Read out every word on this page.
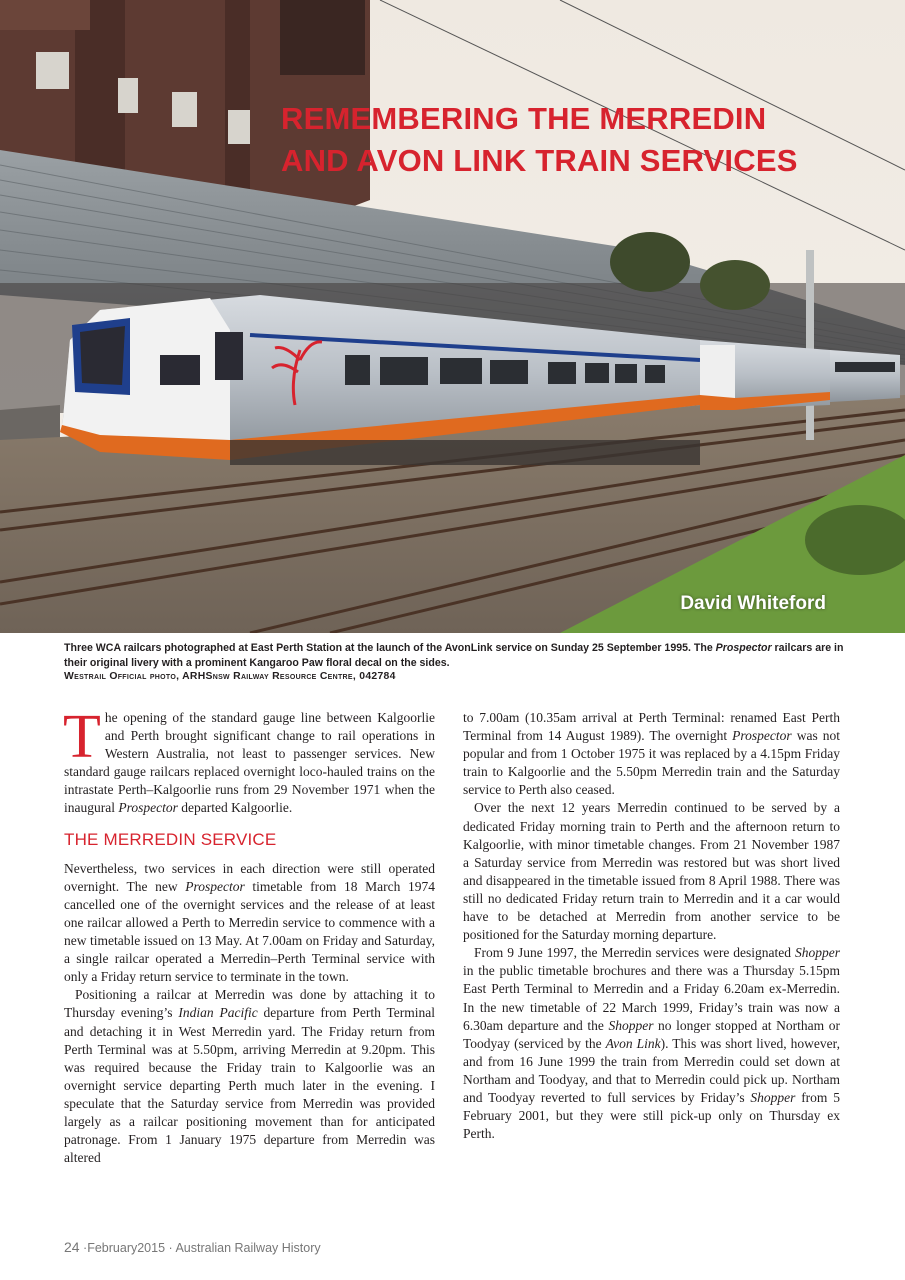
REMEMBERING THE MERREDIN
AND AVON LINK TRAIN SERVICES

David Whiteford

Three WCA railcars photographed at East Perth Station at the launch of the AvonLink service on Sunday 25 September 1995. The Prospector railcars are in their original livery with a prominent Kangaroo Paw floral decal on the sides.

Westrail Official photo, ARHSnsw Railway Resource Centre, 042784

The opening of the standard gauge line between Kalgoorlie and Perth brought significant change to rail operations in Western Australia, not least to passenger services. New standard gauge railcars replaced overnight loco-hauled trains on the intrastate Perth–Kalgoorlie runs from 29 November 1971 when the inaugural Prospector departed Kalgoorlie.

THE MERREDIN SERVICE

Nevertheless, two services in each direction were still operated overnight. The new Prospector timetable from 18 March 1974 cancelled one of the overnight services and the release of at least one railcar allowed a Perth to Merredin service to commence with a new timetable issued on 13 May. At 7.00am on Friday and Saturday, a single railcar operated a Merredin–Perth Terminal service with only a Friday return service to terminate in the town.

Positioning a railcar at Merredin was done by attaching it to Thursday evening’s Indian Pacific departure from Perth Terminal and detaching it in West Merredin yard. The Friday return from Perth Terminal was at 5.50pm, arriving Merredin at 9.20pm. This was required because the Friday train to Kalgoorlie was an overnight service departing Perth much later in the evening. I speculate that the Saturday service from Merredin was provided largely as a railcar positioning movement than for anticipated patronage. From 1 January 1975 departure from Merredin was altered

to 7.00am (10.35am arrival at Perth Terminal: renamed East Perth Terminal from 14 August 1989). The overnight Prospector was not popular and from 1 October 1975 it was replaced by a 4.15pm Friday train to Kalgoorlie and the 5.50pm Merredin train and the Saturday service to Perth also ceased.

Over the next 12 years Merredin continued to be served by a dedicated Friday morning train to Perth and the afternoon return to Kalgoorlie, with minor timetable changes. From 21 November 1987 a Saturday service from Merredin was restored but was short lived and disappeared in the timetable issued from 8 April 1988. There was still no dedicated Friday return train to Merredin and it a car would have to be detached at Merredin from another service to be positioned for the Saturday morning departure.

From 9 June 1997, the Merredin services were designated Shopper in the public timetable brochures and there was a Thursday 5.15pm East Perth Terminal to Merredin and a Friday 6.20am ex-Merredin. In the new timetable of 22 March 1999, Friday’s train was now a 6.30am departure and the Shopper no longer stopped at Northam or Toodyay (serviced by the Avon Link). This was short lived, however, and from 16 June 1999 the train from Merredin could set down at Northam and Toodyay, and that to Merredin could pick up. Northam and Toodyay reverted to full services by Friday’s Shopper from 5 February 2001, but they were still pick-up only on Thursday ex Perth.

24 ·February2015 · Australian Railway History
